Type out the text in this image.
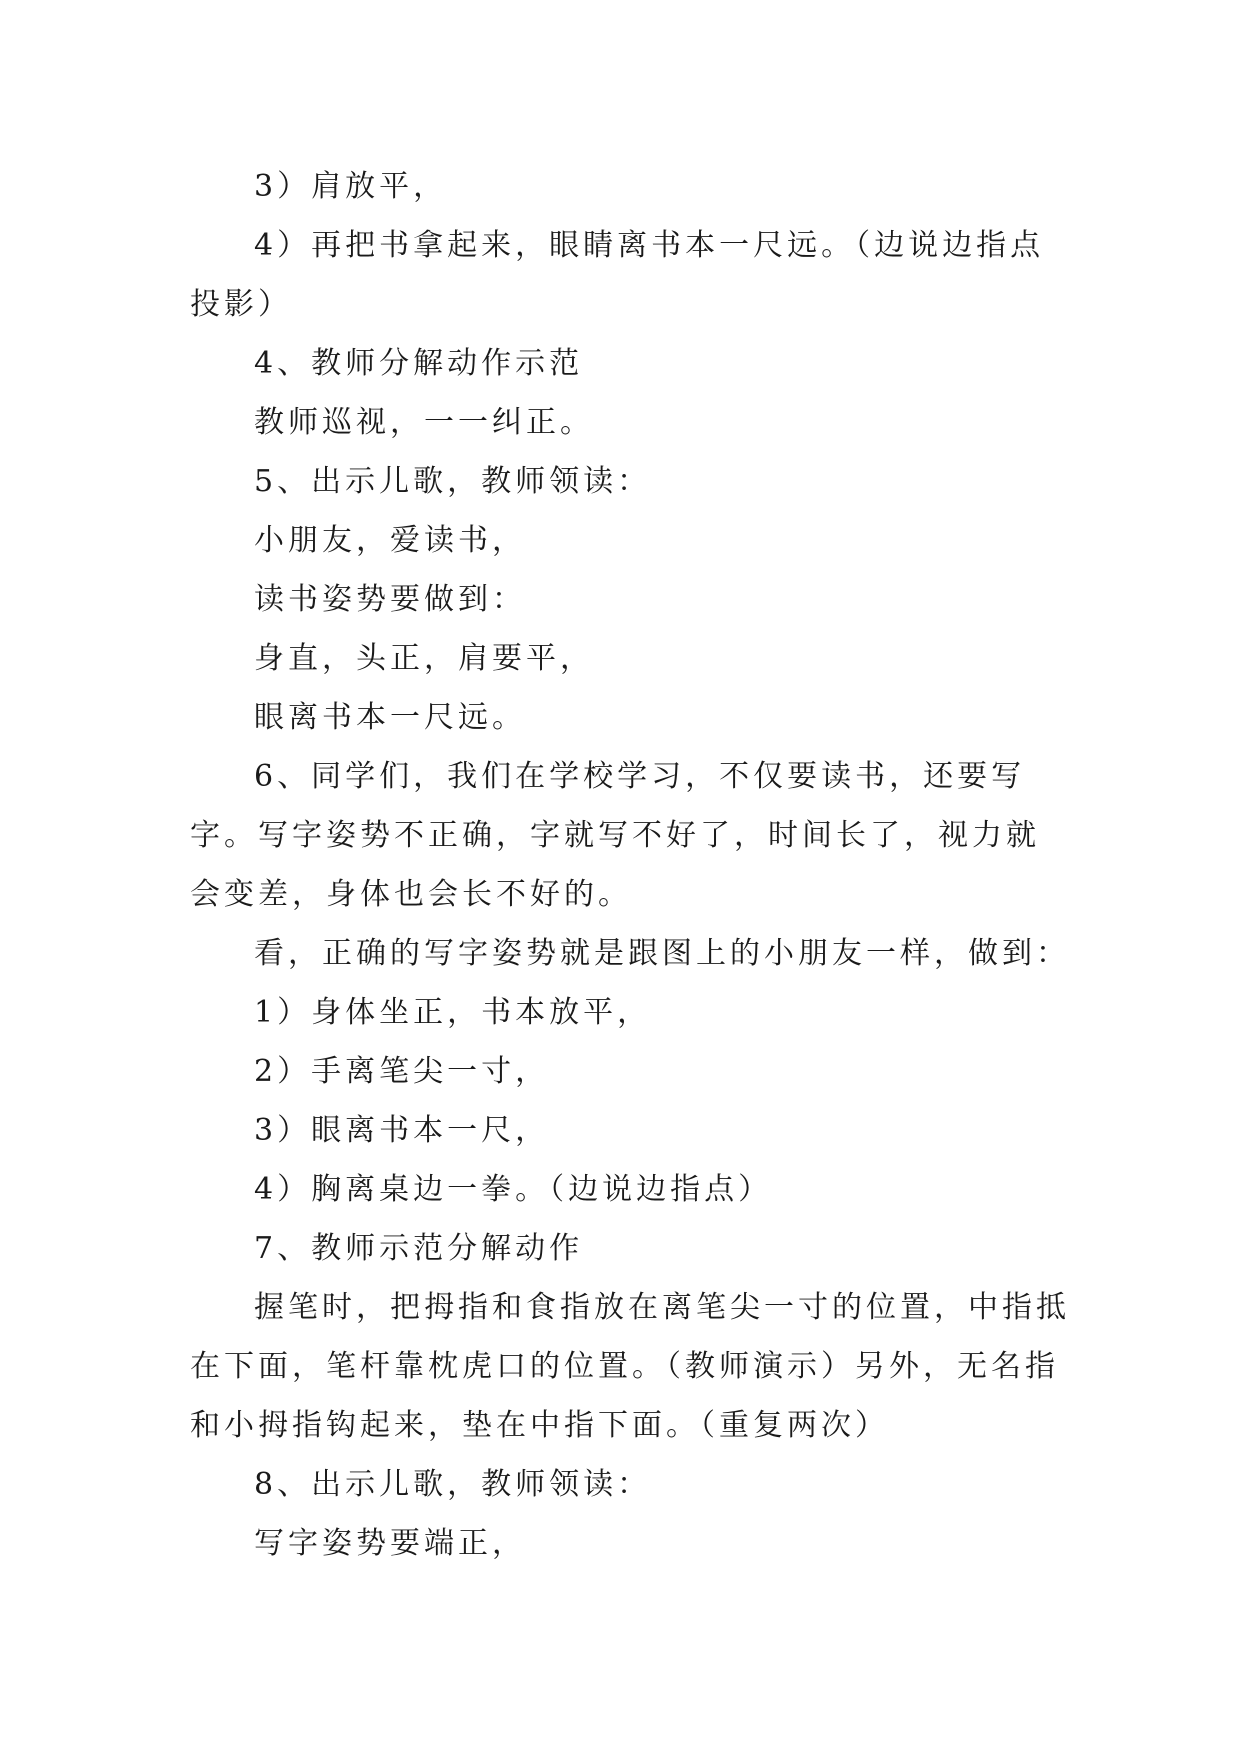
3）肩放平，

4）再把书拿起来，眼睛离书本一尺远。（边说边指点投影）

4、教师分解动作示范

教师巡视，一一纠正。

5、出示儿歌，教师领读：

小朋友，爱读书，

读书姿势要做到：

身直，头正，肩要平，

眼离书本一尺远。

6、同学们，我们在学校学习，不仅要读书，还要写字。写字姿势不正确，字就写不好了，时间长了，视力就会变差，身体也会长不好的。

看，正确的写字姿势就是跟图上的小朋友一样，做到：

1）身体坐正，书本放平，

2）手离笔尖一寸，

3）眼离书本一尺，

4）胸离桌边一拳。（边说边指点）

7、教师示范分解动作

握笔时，把拇指和食指放在离笔尖一寸的位置，中指抵在下面，笔杆靠枕虎口的位置。（教师演示）另外，无名指和小拇指钩起来，垫在中指下面。（重复两次）

8、出示儿歌，教师领读：

写字姿势要端正，
